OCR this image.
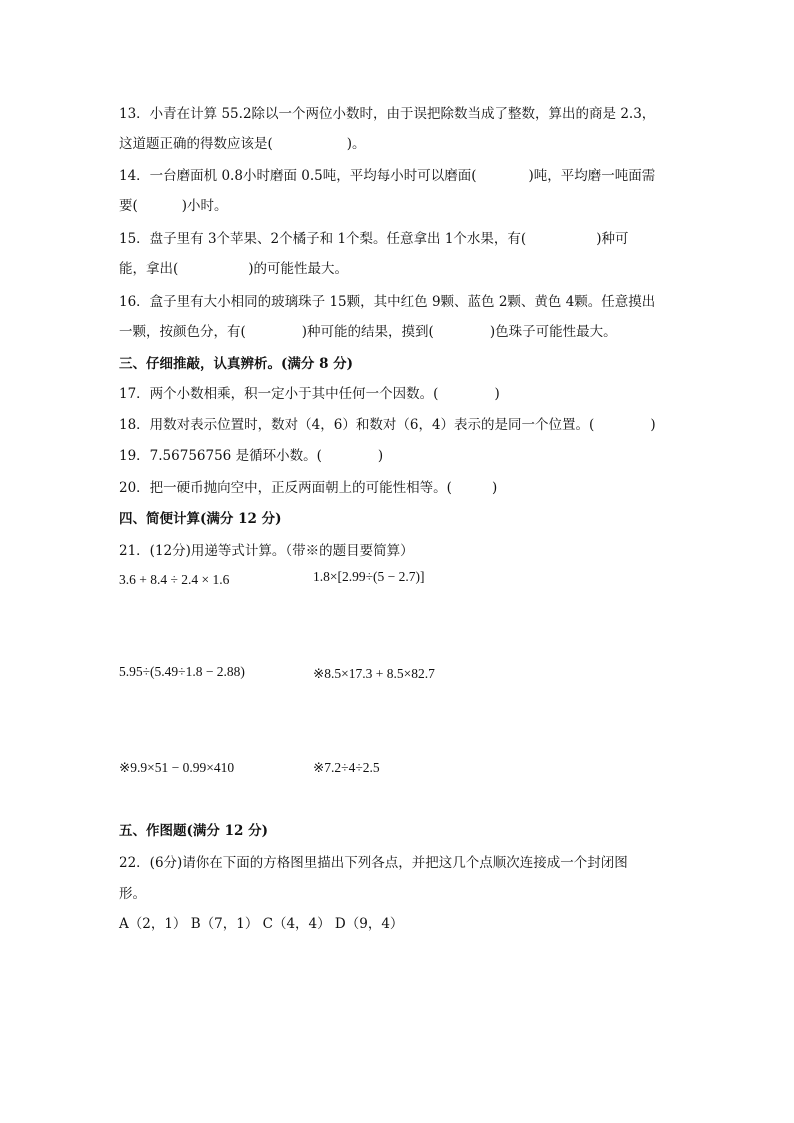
13．小青在计算 55.2除以一个两位小数时，由于误把除数当成了整数，算出的商是 2.3，
这道题正确的得数应该是(	)。
14．一台磨面机 0.8小时磨面 0.5吨，平均每小时可以磨面(	)吨，平均磨一吨面需
要(	)小时。
15．盘子里有 3个苹果、2个橘子和 1个梨。任意拿出 1个水果，有(	)种可
能，拿出(	)的可能性最大。
16．盒子里有大小相同的玻璃珠子 15颗，其中红色 9颗、蓝色 2颗、黄色 4颗。任意摸出
一颗，按颜色分，有(	)种可能的结果，摸到(	)色珠子可能性最大。
三、仔细推敲，认真辨析。(满分 8 分)
17．两个小数相乘，积一定小于其中任何一个因数。(	)
18．用数对表示位置时，数对（4，6）和数对（6，4）表示的是同一个位置。(	)
19．7.56756756 是循环小数。(	)
20．把一硬币抛向空中，正反两面朝上的可能性相等。(	)
四、简便计算(满分 12 分)
21．(12分)用递等式计算。（带※的题目要简算）
3.6 + 8.4 ÷ 2.4 × 1.6	1.8×[2.99÷(5 − 2.7)]
5.95÷(5.49÷1.8 − 2.88)	※8.5×17.3 + 8.5×82.7
※9.9×51 − 0.99×410	※7.2÷4÷2.5
五、作图题(满分 12 分)
22．(6分)请你在下面的方格图里描出下列各点，并把这几个点顺次连接成一个封闭图
形。
A（2，1） B（7，1） C（4，4） D（9，4）
